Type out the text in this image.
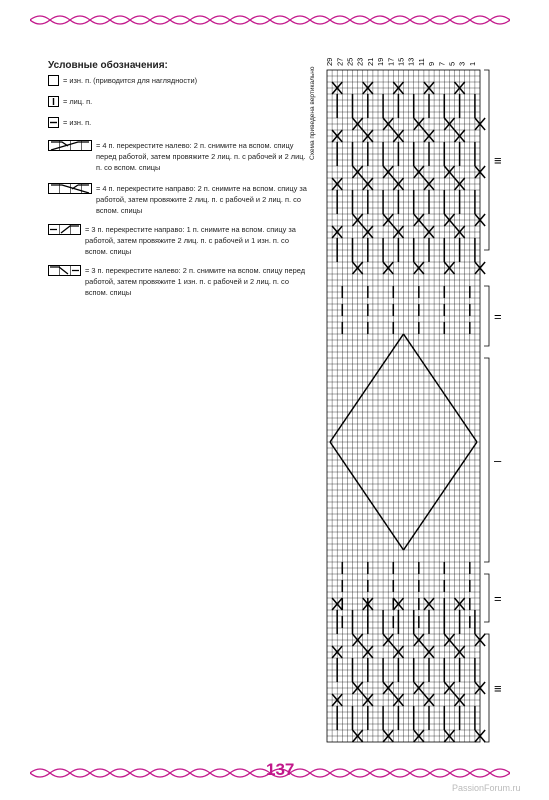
Условные обозначения:
= изн. п. (приводится для наглядности)
= лиц. п.
= изн. п.
= 4 п. перекрестите налево: 2 п. снимите на вспом. спицу перед работой, затем провяжите 2 лиц. п. с рабочей и 2 лиц. п. со вспом. спицы
= 4 п. перекрестите направо: 2 п. снимите на вспом. спицу за работой, затем провяжите 2 лиц. п. с рабочей и 2 лиц. п. со вспом. спицы
= 3 п. перекрестите направо: 1 п. снимите на вспом. спицу за работой, затем провяжите 2 лиц. п. с рабочей и 1 изн. п. со вспом. спицы
= 3 п. перекрестите налево: 2 п. снимите на вспом. спицу перед работой, затем провяжите 1 изн. п. с рабочей и 2 лиц. п. со вспом. спицы
Схема приведена вертикально
29 27 25 23 21 19 17 15 13 11 9 7 5 3 1
≡
=
–
=
≡
137
PassionForum.ru
